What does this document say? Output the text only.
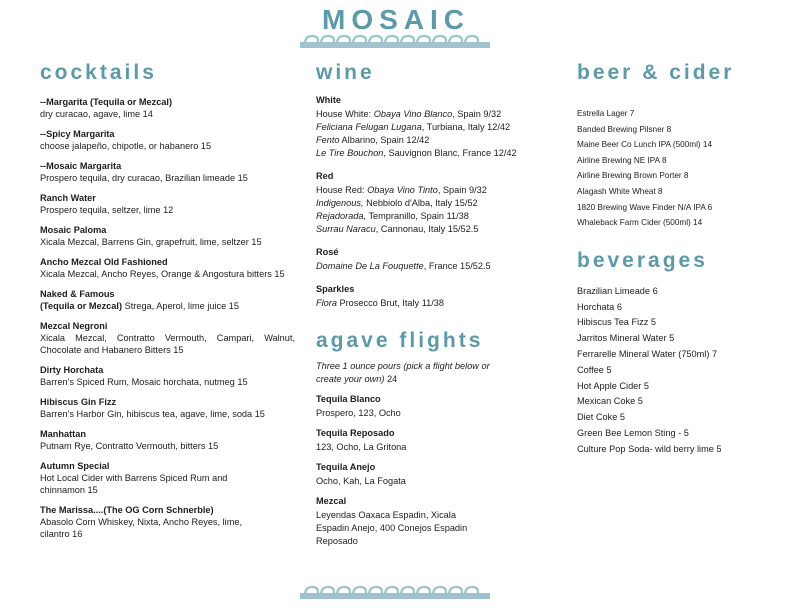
MOSAIC
cocktails
--Margarita (Tequila or Mezcal)
dry curacao, agave, lime 14
--Spicy Margarita
choose jalapeño, chipotle, or habanero 15
--Mosaic Margarita
Prospero tequila, dry curacao, Brazilian limeade 15
Ranch Water
Prospero tequila, seltzer, lime 12
Mosaic Paloma
Xicala Mezcal, Barrens Gin, grapefruit, lime, seltzer 15
Ancho Mezcal Old Fashioned
Xicala Mezcal, Ancho Reyes, Orange & Angostura bitters 15
Naked & Famous
(Tequila or Mezcal) Strega, Aperol, lime juice 15
Mezcal Negroni
Xicala Mezcal, Contratto Vermouth, Campari, Walnut, Chocolate and Habanero Bitters 15
Dirty Horchata
Barren's Spiced Rum, Mosaic horchata, nutmeg 15
Hibiscus Gin Fizz
Barren's Harbor Gin, hibiscus tea, agave, lime, soda 15
Manhattan
Putnam Rye, Contratto Vermouth, bitters 15
Autumn Special
Hot Local Cider with Barrens Spiced Rum and chinnamon 15
The Marissa....(The OG Corn Schnerble)
Abasolo Corn Whiskey, Nixta, Ancho Reyes, lime, cilantro 16
wine
White
House White: Obaya Vino Blanco, Spain 9/32
Feliciana Felugan Lugana, Turbiana, Italy 12/42
Fento Albarino, Spain 12/42
Le Tire Bouchon, Sauvignon Blanc, France 12/42
Red
House Red: Obaya Vino Tinto, Spain 9/32
Indigenous, Nebbiolo d'Alba, Italy 15/52
Rejadorada, Tempranillo, Spain 11/38
Surrau Naracu, Cannonau, Italy 15/52.5
Rosé
Domaine De La Fouquette, France 15/52.5
Sparkles
Flora Prosecco Brut, Italy 11/38
agave flights
Three 1 ounce pours (pick a flight below or create your own) 24
Tequila Blanco
Prospero, 123, Ocho
Tequila Reposado
123, Ocho, La Gritona
Tequila Anejo
Ocho, Kah, La Fogata
Mezcal
Leyendas Oaxaca Espadin, Xicala Espadin Anejo, 400 Conejos Espadin Reposado
beer & cider
Estrella Lager 7
Banded Brewing Pilsner 8
Maine Beer Co Lunch IPA (500ml) 14
Airline Brewing NE IPA 8
Airline Brewing Brown Porter 8
Alagash White Wheat 8
1820 Brewing Wave Finder N/A IPA 6
Whaleback Farm Cider (500ml) 14
beverages
Brazilian Limeade 6
Horchata 6
Hibiscus Tea Fizz 5
Jarritos Mineral Water 5
Ferrarelle Mineral Water (750ml) 7
Coffee 5
Hot Apple Cider 5
Mexican Coke 5
Diet Coke 5
Green Bee Lemon Sting - 5
Culture Pop Soda- wild berry lime 5
